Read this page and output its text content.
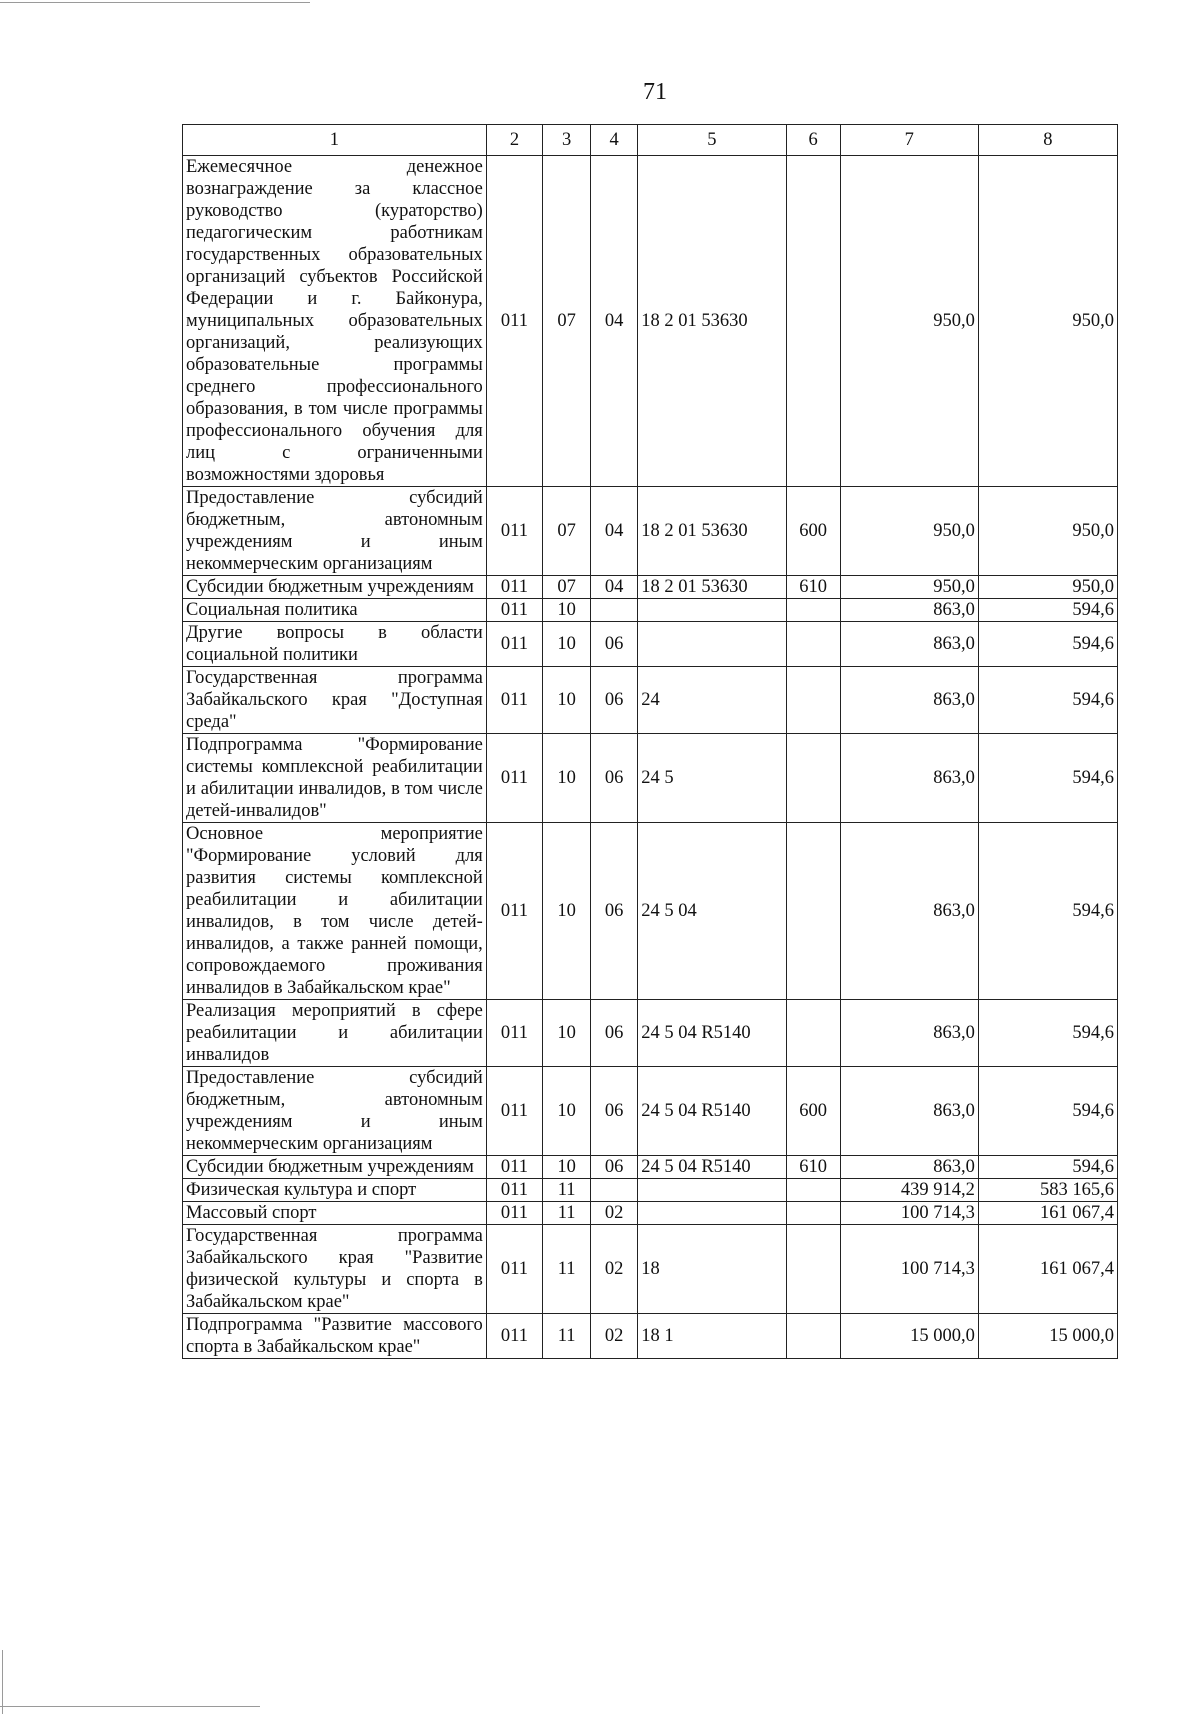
71
1	2	3	4	5	6	7	8
Ежемесячное денежное вознаграждение за классное руководство (кураторство) педагогическим работникам государственных образовательных организаций субъектов Российской Федерации и г. Байконура, муниципальных образовательных организаций, реализующих образовательные программы среднего профессионального образования, в том числе программы профессионального обучения для лиц с ограниченными возможностями здоровья	011	07	04	18 2 01 53630		950,0	950,0
Предоставление субсидий бюджетным, автономным учреждениям и иным некоммерческим организациям	011	07	04	18 2 01 53630	600	950,0	950,0
Субсидии бюджетным учреждениям	011	07	04	18 2 01 53630	610	950,0	950,0
Социальная политика	011	10				863,0	594,6
Другие вопросы в области социальной политики	011	10	06			863,0	594,6
Государственная программа Забайкальского края "Доступная среда"	011	10	06	24		863,0	594,6
Подпрограмма "Формирование системы комплексной реабилитации и абилитации инвалидов, в том числе детей-инвалидов"	011	10	06	24 5		863,0	594,6
Основное мероприятие "Формирование условий для развития системы комплексной реабилитации и абилитации инвалидов, в том числе детей-инвалидов, а также ранней помощи, сопровождаемого проживания инвалидов в Забайкальском крае"	011	10	06	24 5 04		863,0	594,6
Реализация мероприятий в сфере реабилитации и абилитации инвалидов	011	10	06	24 5 04 R5140		863,0	594,6
Предоставление субсидий бюджетным, автономным учреждениям и иным некоммерческим организациям	011	10	06	24 5 04 R5140	600	863,0	594,6
Субсидии бюджетным учреждениям	011	10	06	24 5 04 R5140	610	863,0	594,6
Физическая культура и спорт	011	11				439 914,2	583 165,6
Массовый спорт	011	11	02			100 714,3	161 067,4
Государственная программа Забайкальского края "Развитие физической культуры и спорта в Забайкальском крае"	011	11	02	18		100 714,3	161 067,4
Подпрограмма "Развитие массового спорта в Забайкальском крае"	011	11	02	18 1		15 000,0	15 000,0
